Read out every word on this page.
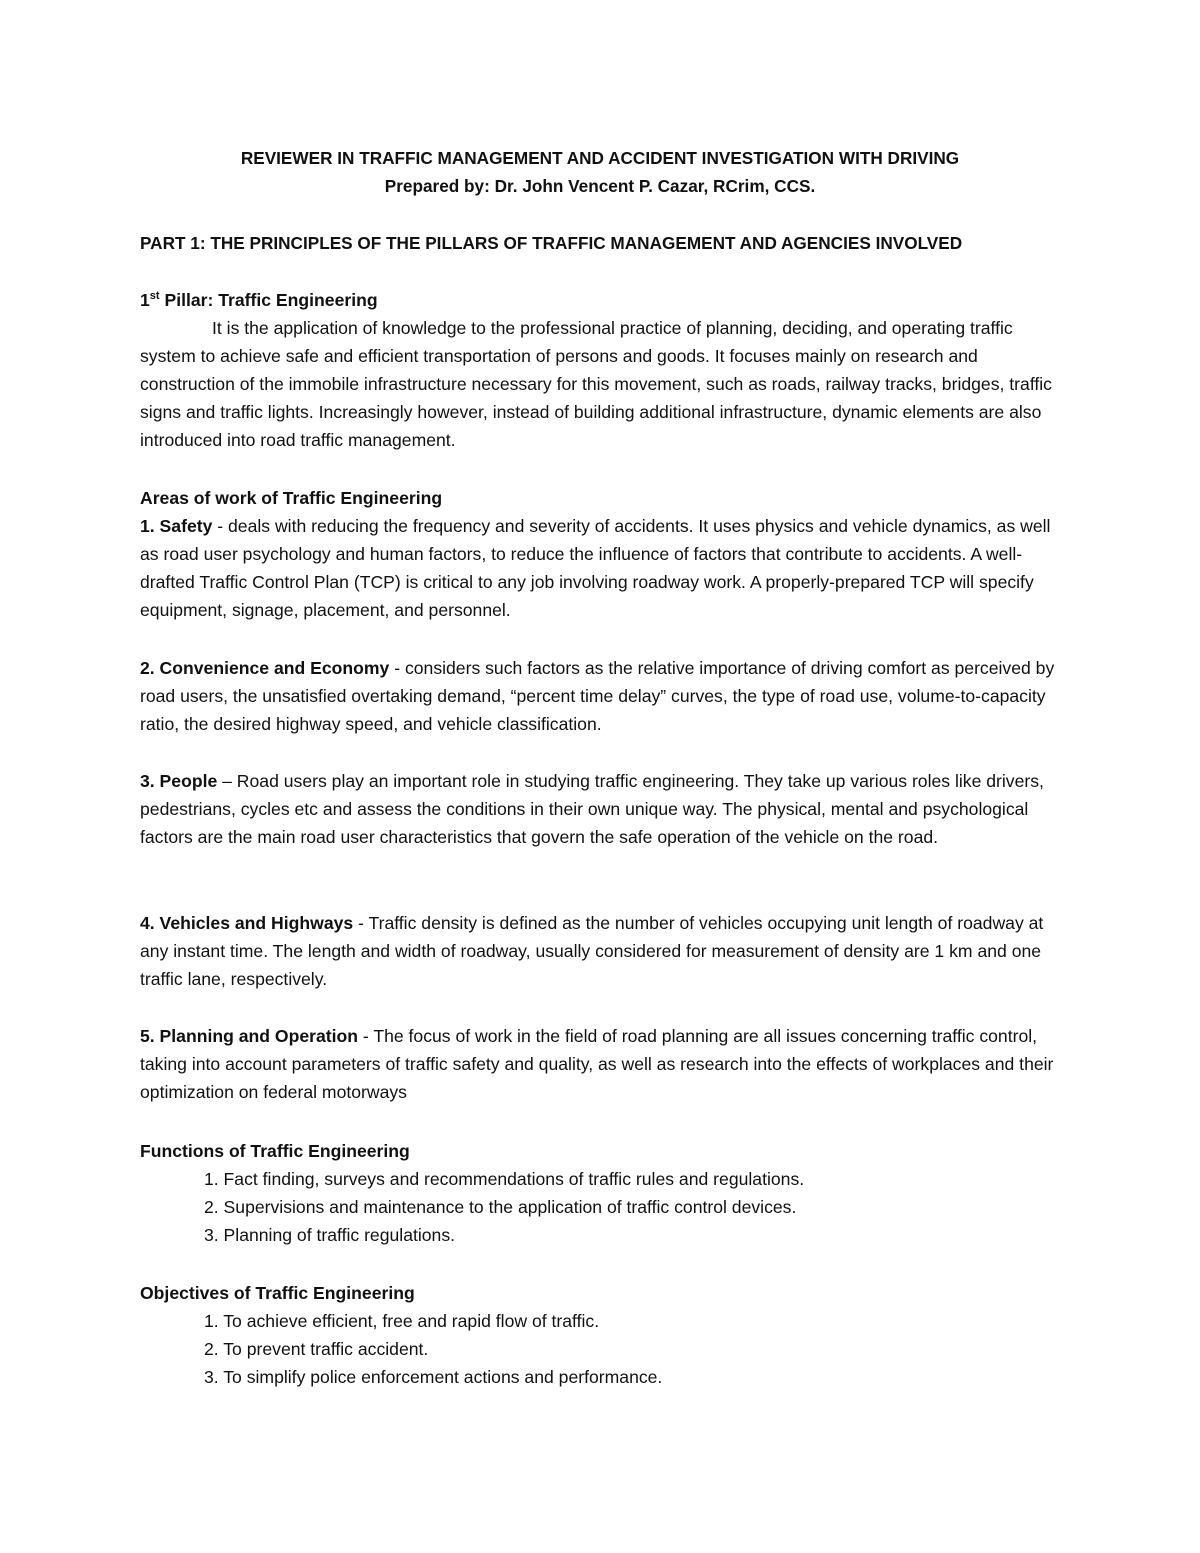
REVIEWER IN TRAFFIC MANAGEMENT AND ACCIDENT INVESTIGATION WITH DRIVING
Prepared by: Dr. John Vencent P. Cazar, RCrim, CCS.
PART 1: THE PRINCIPLES OF THE PILLARS OF TRAFFIC MANAGEMENT AND AGENCIES INVOLVED
1st Pillar: Traffic Engineering
It is the application of knowledge to the professional practice of planning, deciding, and operating traffic system to achieve safe and efficient transportation of persons and goods. It focuses mainly on research and construction of the immobile infrastructure necessary for this movement, such as roads, railway tracks, bridges, traffic signs and traffic lights. Increasingly however, instead of building additional infrastructure, dynamic elements are also introduced into road traffic management.
Areas of work of Traffic Engineering
1. Safety - deals with reducing the frequency and severity of accidents. It uses physics and vehicle dynamics, as well as road user psychology and human factors, to reduce the influence of factors that contribute to accidents. A well-drafted Traffic Control Plan (TCP) is critical to any job involving roadway work. A properly-prepared TCP will specify equipment, signage, placement, and personnel.
2. Convenience and Economy - considers such factors as the relative importance of driving comfort as perceived by road users, the unsatisfied overtaking demand, “percent time delay” curves, the type of road use, volume-to-capacity ratio, the desired highway speed, and vehicle classification.
3. People – Road users play an important role in studying traffic engineering. They take up various roles like drivers, pedestrians, cycles etc and assess the conditions in their own unique way. The physical, mental and psychological factors are the main road user characteristics that govern the safe operation of the vehicle on the road.
4. Vehicles and Highways - Traffic density is defined as the number of vehicles occupying unit length of roadway at any instant time. The length and width of roadway, usually considered for measurement of density are 1 km and one traffic lane, respectively.
5. Planning and Operation - The focus of work in the field of road planning are all issues concerning traffic control, taking into account parameters of traffic safety and quality, as well as research into the effects of workplaces and their optimization on federal motorways
Functions of Traffic Engineering
1. Fact finding, surveys and recommendations of traffic rules and regulations.
2. Supervisions and maintenance to the application of traffic control devices.
3. Planning of traffic regulations.
Objectives of Traffic Engineering
1. To achieve efficient, free and rapid flow of traffic.
2. To prevent traffic accident.
3. To simplify police enforcement actions and performance.
